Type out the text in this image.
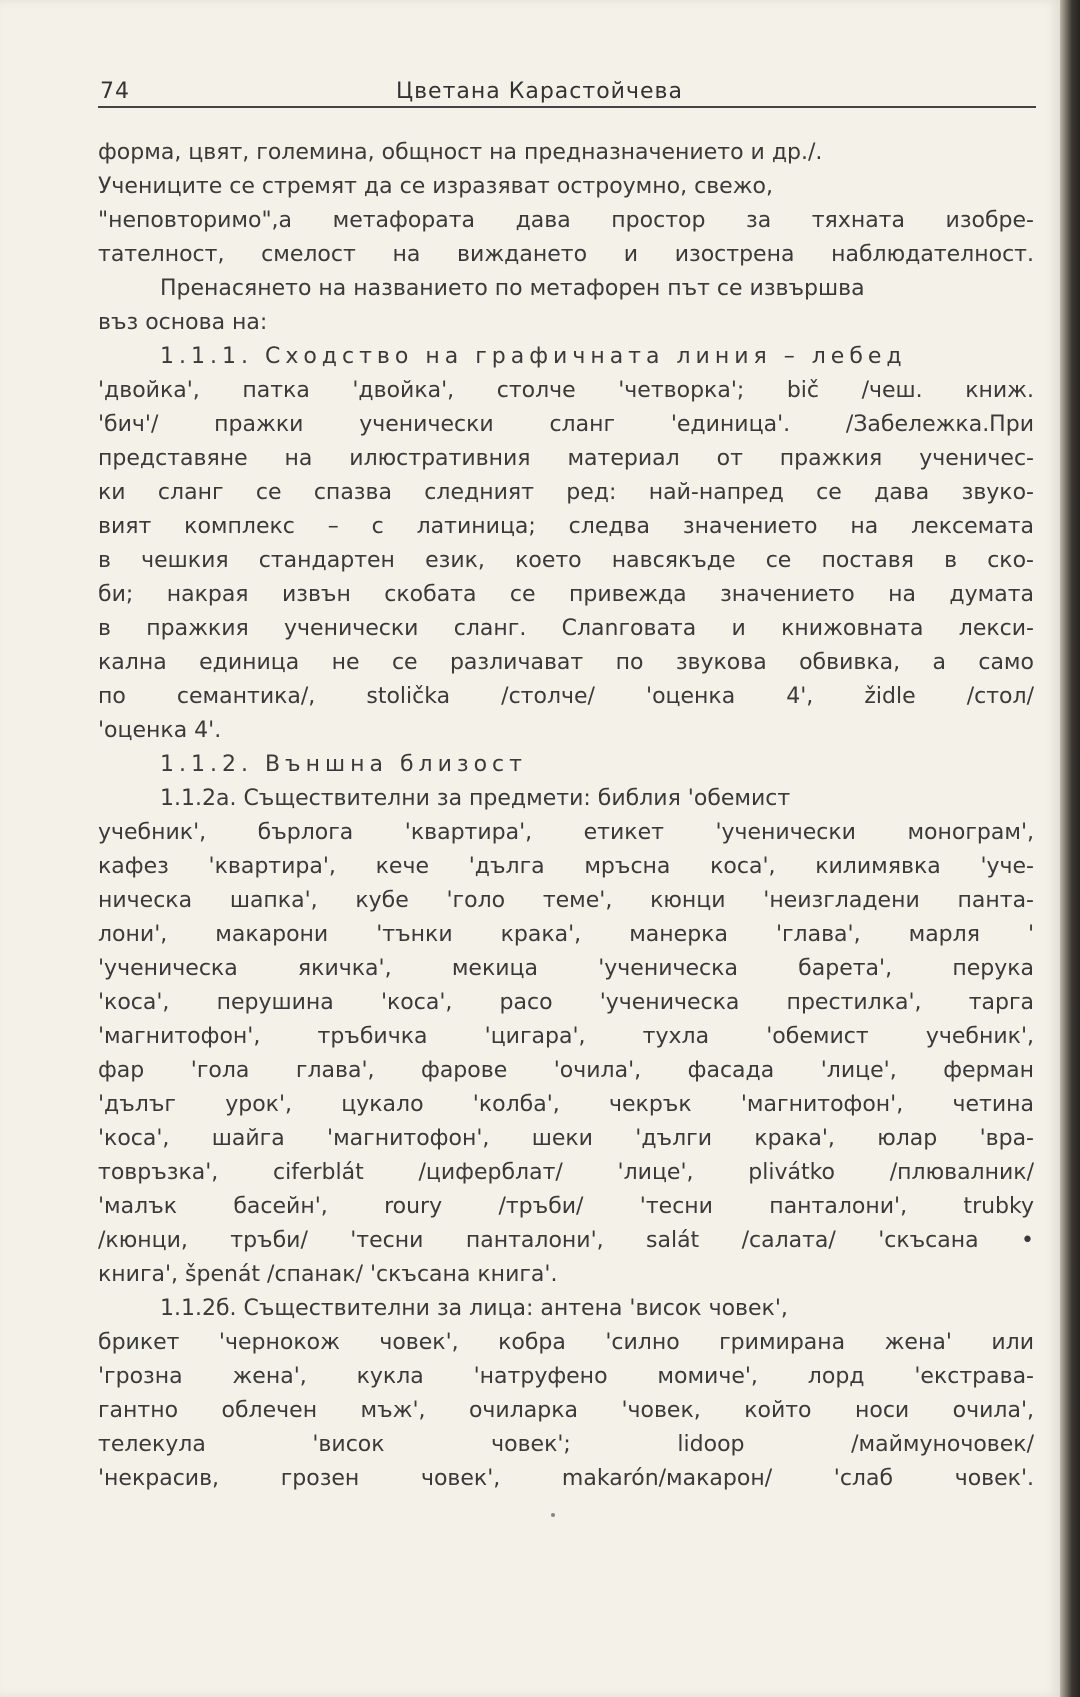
74	Цветана Карастойчева
форма, цвят, големина, общност на предназначението и др./.
Учениците се стремят да се изразяват остроумно, свежо,
"неповторимо",а метафората дава простор за тяхната изобре-
тателност, смелост на виждането и изострена наблюдателност.
Пренасянето на названието по метафорен път се извършва
въз основа на:
1.1.1. Сходство на графичната линия – лебед
'двойка', патка 'двойка', столче 'четворка'; bič /чеш. книж.
'бич'/ пражки ученически сланг 'единица'. /Забележка.При
представяне на илюстративния материал от пражкия ученичес-
ки сланг се спазва следният ред: най-напред се дава звуко-
вият комплекс – с латиница; следва значението на лексемата
в чешкия стандартен език, което навсякъде се поставя в ско-
би; накрая извън скобата се привежда значението на думата
в пражкия ученически сланг. Слanговата и книжовната лекси-
кална единица не се различават по звукова обвивка, а само
по семантика/, stolička /столче/ 'оценка 4', židle /стол/
'оценка 4'.
1.1.2. Външна близост
1.1.2а. Съществителни за предмети: библия 'обемист
учебник', бърлога 'квартира', етикет 'ученически монограм',
кафез 'квартира', кече 'дълга мръсна коса', килимявка 'уче-
ническа шапка', кубе 'голо теме', кюнци 'неизгладени панта-
лони', макарони 'тънки крака', манерка 'глава', марля '
'ученическа якичка', мекица 'ученическа барета', перука
'коса', перушина 'коса', расо 'ученическа престилка', тарга
'магнитофон', тръбичка 'цигара', тухла 'обемист учебник',
фар 'гола глава', фарове 'очила', фасада 'лице', ферман
'дълъг урок', цукало 'колба', чекрък 'магнитофон', четина
'коса', шайга 'магнитофон', шеки 'дълги крака', юлар 'вра-
товръзка', ciferblát /циферблат/ 'лице', plivátko /плювалник/
'малък басейн', roury /тръби/ 'тесни панталони', trubky
/кюнци, тръби/ 'тесни панталони', salát /салата/ 'скъсана •
книга', špenát /спанак/ 'скъсана книга'.
1.1.2б. Съществителни за лица: антена 'висок човек',
брикет 'чернокож човек', кобра 'силно гримирана жена' или
'грозна жена', кукла 'натруфено момиче', лорд 'екстрава-
гантно облечен мъж', очиларка 'човек, който носи очила',
телекула 'висок човек'; lidoop /маймуночовек/
'некрасив, грозен човек', makarón/макарон/ 'слаб човек'.
